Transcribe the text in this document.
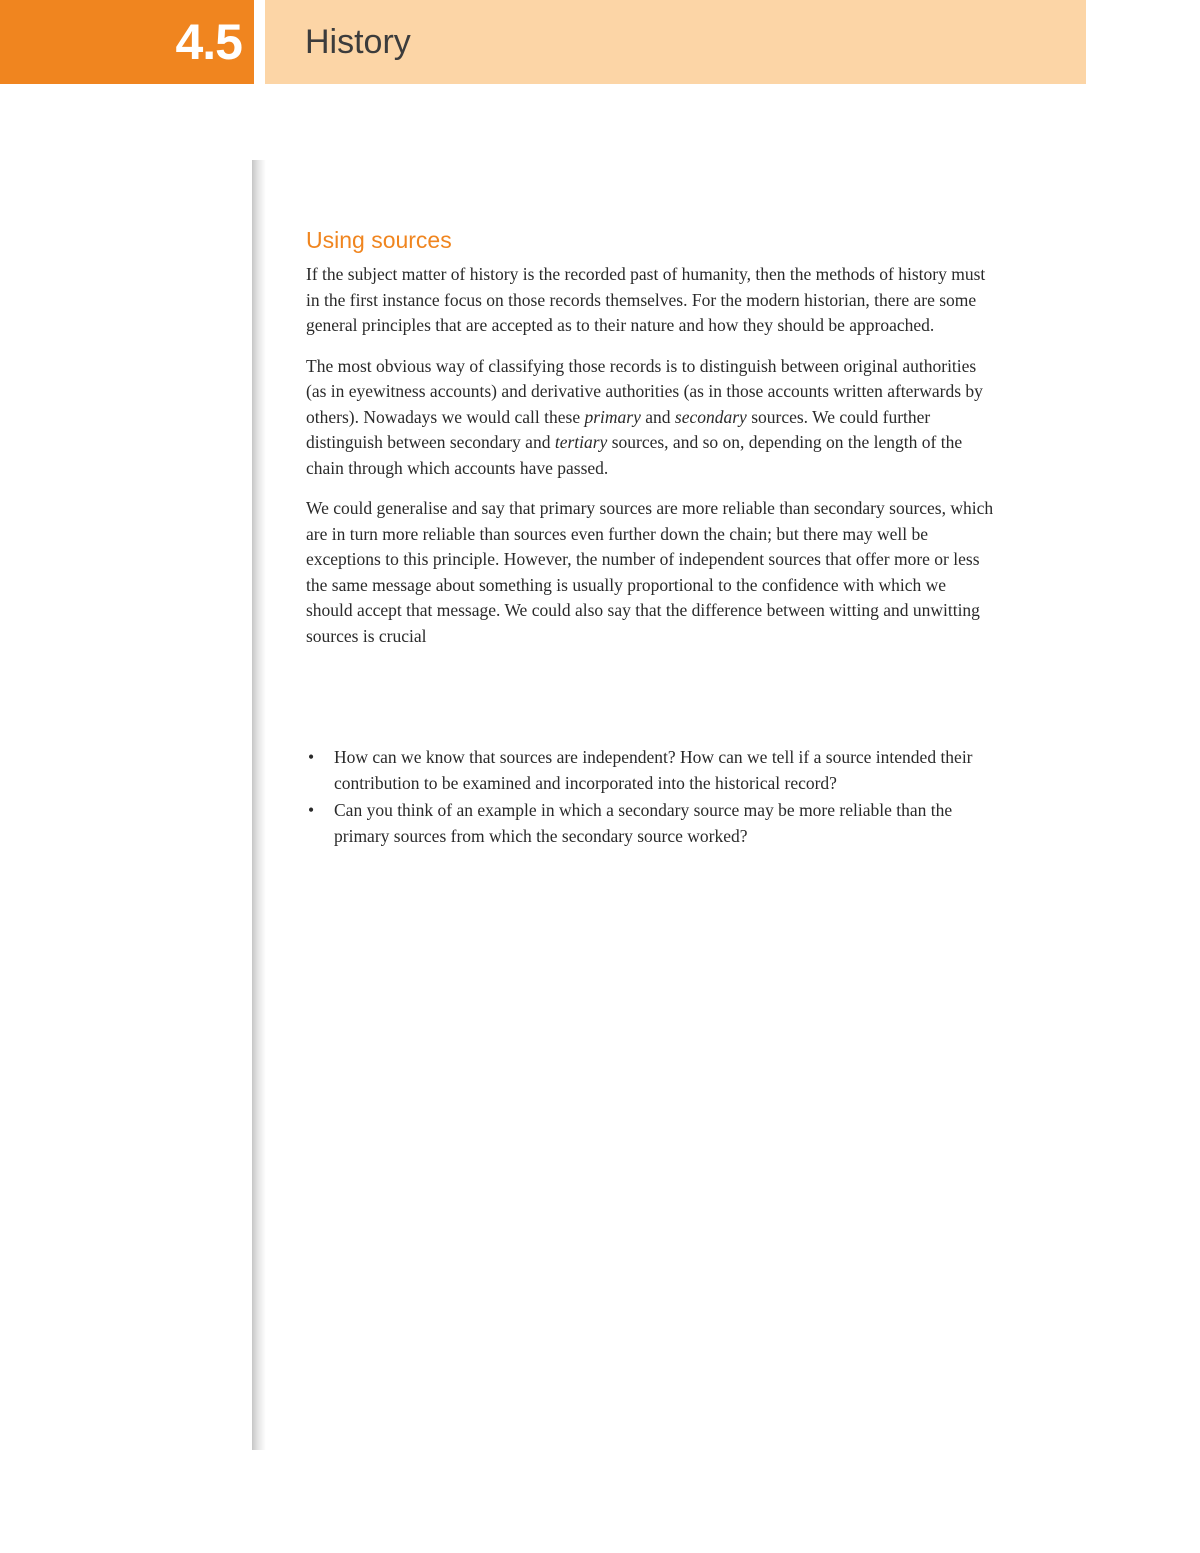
4.5 History
Using sources

If the subject matter of history is the recorded past of humanity, then the methods of history must in the first instance focus on those records themselves. For the modern historian, there are some general principles that are accepted as to their nature and how they should be approached.

The most obvious way of classifying those records is to distinguish between original authorities (as in eyewitness accounts) and derivative authorities (as in those accounts written afterwards by others). Nowadays we would call these primary and secondary sources. We could further distinguish between secondary and tertiary sources, and so on, depending on the length of the chain through which accounts have passed.

We could generalise and say that primary sources are more reliable than secondary sources, which are in turn more reliable than sources even further down the chain; but there may well be exceptions to this principle. However, the number of independent sources that offer more or less the same message about something is usually proportional to the confidence with which we should accept that message. We could also say that the difference between witting and unwitting sources is crucial

• How can we know that sources are independent? How can we tell if a source intended their contribution to be examined and incorporated into the historical record?
• Can you think of an example in which a secondary source may be more reliable than the primary sources from which the secondary source worked?
